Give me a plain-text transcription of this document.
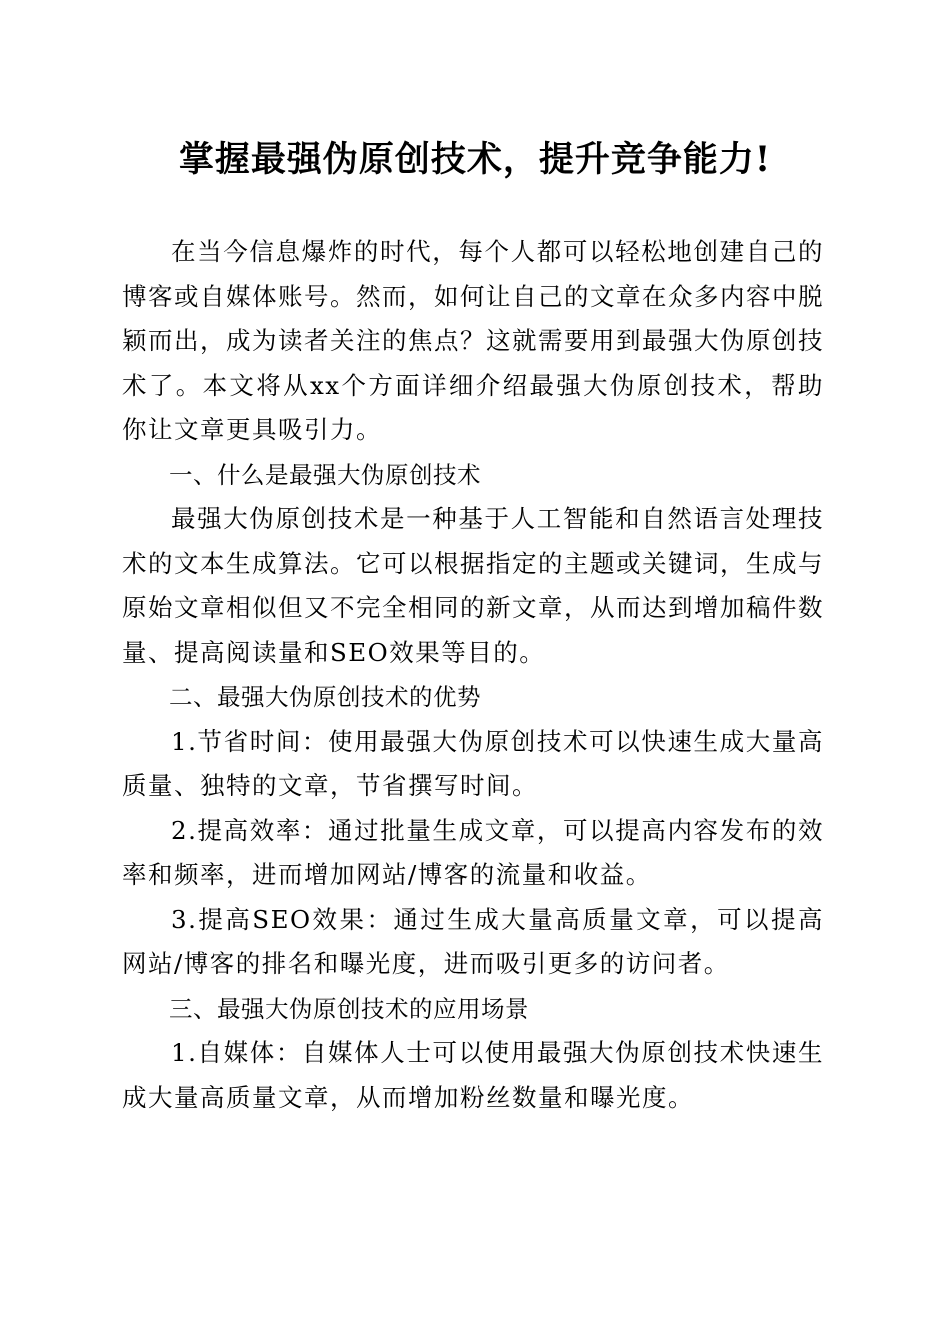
掌握最强伪原创技术，提升竞争能力!

在当今信息爆炸的时代，每个人都可以轻松地创建自己的博客或自媒体账号。然而，如何让自己的文章在众多内容中脱颖而出，成为读者关注的焦点？这就需要用到最强大伪原创技术了。本文将从xx个方面详细介绍最强大伪原创技术，帮助你让文章更具吸引力。

一、什么是最强大伪原创技术

最强大伪原创技术是一种基于人工智能和自然语言处理技术的文本生成算法。它可以根据指定的主题或关键词，生成与原始文章相似但又不完全相同的新文章，从而达到增加稿件数量、提高阅读量和SEO效果等目的。

二、最强大伪原创技术的优势

1.节省时间：使用最强大伪原创技术可以快速生成大量高质量、独特的文章，节省撰写时间。

2.提高效率：通过批量生成文章，可以提高内容发布的效率和频率，进而增加网站/博客的流量和收益。

3.提高SEO效果：通过生成大量高质量文章，可以提高网站/博客的排名和曝光度，进而吸引更多的访问者。

三、最强大伪原创技术的应用场景

1.自媒体：自媒体人士可以使用最强大伪原创技术快速生成大量高质量文章，从而增加粉丝数量和曝光度。
